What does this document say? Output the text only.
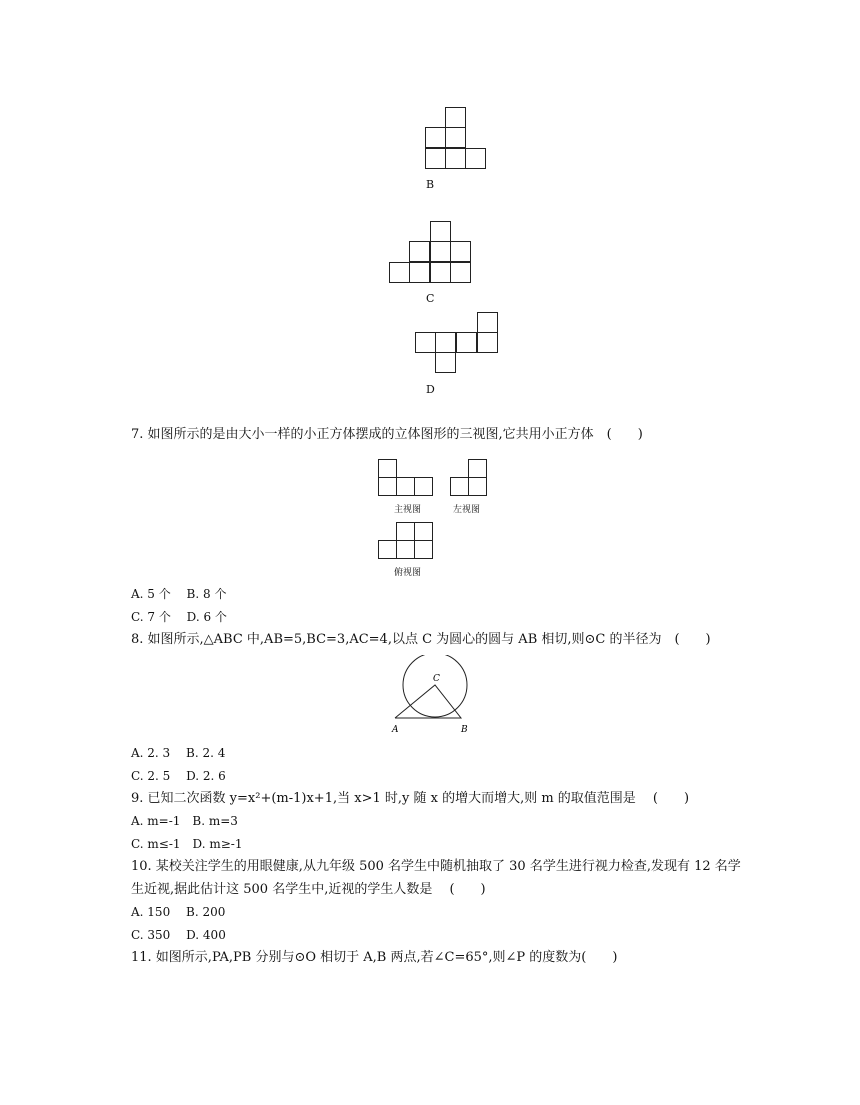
B
C
D
7. 如图所示的是由大小一样的小正方体摆成的立体图形的三视图,它共用小正方体　(　　)
主视图	左视图
俯视图
A. 5 个　 B. 8 个
C. 7 个　 D. 6 个
8. 如图所示,△ABC 中,AB=5,BC=3,AC=4,以点 C 为圆心的圆与 AB 相切,则⊙C 的半径为　(　　)
C
A	B
A. 2. 3　 B. 2. 4
C. 2. 5　 D. 2. 6
9. 已知二次函数 y=x²+(m-1)x+1,当 x>1 时,y 随 x 的增大而增大,则 m 的取值范围是　 (　　)
A. m=-1　B. m=3
C. m≤-1　D. m≥-1
10. 某校关注学生的用眼健康,从九年级 500 名学生中随机抽取了 30 名学生进行视力检查,发现有 12 名学
生近视,据此估计这 500 名学生中,近视的学生人数是　 (　　)
A. 150　 B. 200
C. 350　 D. 400
11. 如图所示,PA,PB 分别与⊙O 相切于 A,B 两点,若∠C=65°,则∠P 的度数为(　　)
